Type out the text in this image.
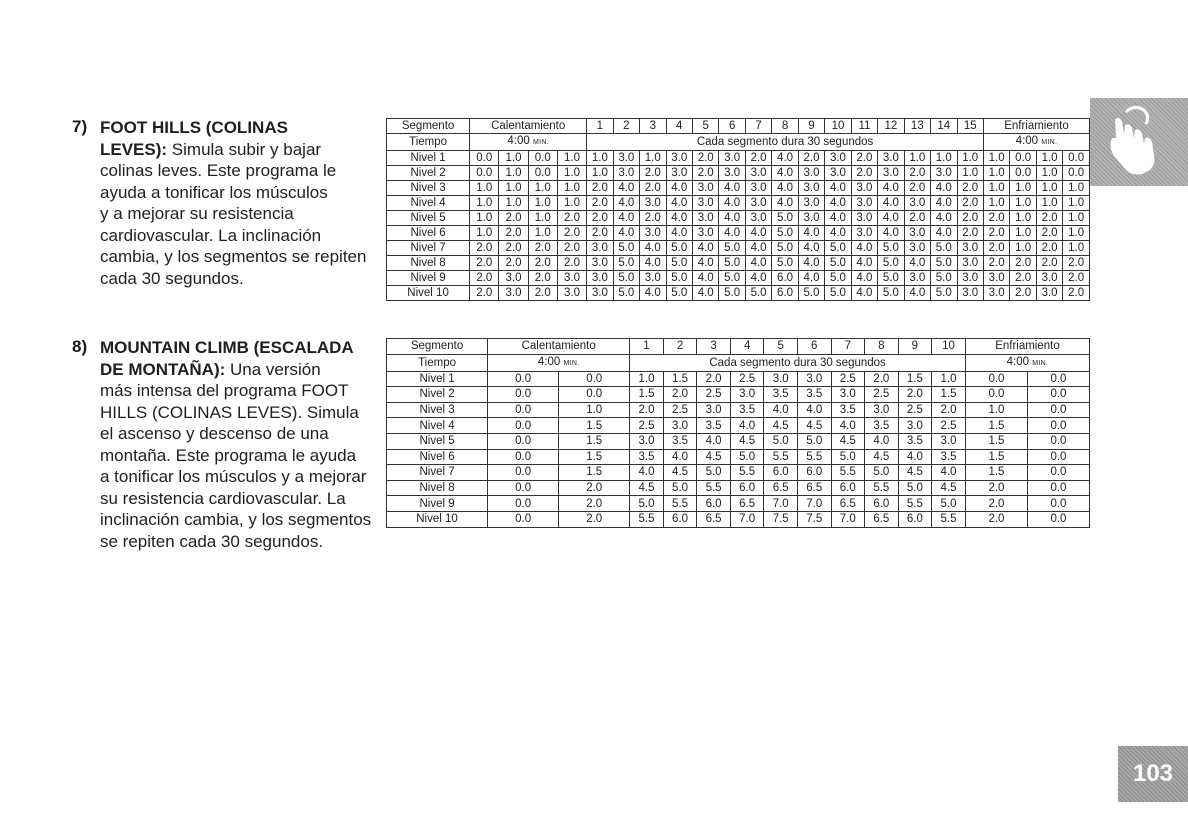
7) FOOT HILLS (COLINAS
LEVES): Simula subir y bajar
colinas leves. Este programa le
ayuda a tonificar los músculos
y a mejorar su resistencia
cardiovascular. La inclinación
cambia, y los segmentos se repiten
cada 30 segundos.
8) MOUNTAIN CLIMB (ESCALADA
DE MONTAÑA): Una versión
más intensa del programa FOOT
HILLS (COLINAS LEVES). Simula
el ascenso y descenso de una
montaña. Este programa le ayuda
a tonificar los músculos y a mejorar
su resistencia cardiovascular. La
inclinación cambia, y los segmentos
se repiten cada 30 segundos.
Segmento	Calentamiento				1	2	3	4	5	6	7	8	9	10	11	12	13	14	15	Enfriamiento			
Tiempo	4:00 MIN.				Cada segmento dura 30 segundos															4:00 MIN.			
Nivel 1	0.0	1.0	0.0	1.0	1.0	3.0	1.0	3.0	2.0	3.0	2.0	4.0	2.0	3.0	2.0	3.0	1.0	1.0	1.0	1.0	0.0	1.0	0.0
Nivel 2	0.0	1.0	0.0	1.0	1.0	3.0	2.0	3.0	2.0	3.0	3.0	4.0	3.0	3.0	2.0	3.0	2.0	3.0	1.0	1.0	0.0	1.0	0.0
Nivel 3	1.0	1.0	1.0	1.0	2.0	4.0	2.0	4.0	3.0	4.0	3.0	4.0	3.0	4.0	3.0	4.0	2.0	4.0	2.0	1.0	1.0	1.0	1.0
Nivel 4	1.0	1.0	1.0	1.0	2.0	4.0	3.0	4.0	3.0	4.0	3.0	4.0	3.0	4.0	3.0	4.0	3.0	4.0	2.0	1.0	1.0	1.0	1.0
Nivel 5	1.0	2.0	1.0	2.0	2.0	4.0	2.0	4.0	3.0	4.0	3.0	5.0	3.0	4.0	3.0	4.0	2.0	4.0	2.0	2.0	1.0	2.0	1.0
Nivel 6	1.0	2.0	1.0	2.0	2.0	4.0	3.0	4.0	3.0	4.0	4.0	5.0	4.0	4.0	3.0	4.0	3.0	4.0	2.0	2.0	1.0	2.0	1.0
Nivel 7	2.0	2.0	2.0	2.0	3.0	5.0	4.0	5.0	4.0	5.0	4.0	5.0	4.0	5.0	4.0	5.0	3.0	5.0	3.0	2.0	1.0	2.0	1.0
Nivel 8	2.0	2.0	2.0	2.0	3.0	5.0	4.0	5.0	4.0	5.0	4.0	5.0	4.0	5.0	4.0	5.0	4.0	5.0	3.0	2.0	2.0	2.0	2.0
Nivel 9	2.0	3.0	2.0	3.0	3.0	5.0	3.0	5.0	4.0	5.0	4.0	6.0	4.0	5.0	4.0	5.0	3.0	5.0	3.0	3.0	2.0	3.0	2.0
Nivel 10	2.0	3.0	2.0	3.0	3.0	5.0	4.0	5.0	4.0	5.0	5.0	6.0	5.0	5.0	4.0	5.0	4.0	5.0	3.0	3.0	2.0	3.0	2.0
Segmento	Calentamiento		1	2	3	4	5	6	7	8	9	10	Enfriamiento	
Tiempo	4:00 MIN.		Cada segmento dura 30 segundos										4:00 MIN.	
Nivel 1	0.0	0.0	1.0	1.5	2.0	2.5	3.0	3.0	2.5	2.0	1.5	1.0	0.0	0.0
Nivel 2	0.0	0.0	1.5	2.0	2.5	3.0	3.5	3.5	3.0	2.5	2.0	1.5	0.0	0.0
Nivel 3	0.0	1.0	2.0	2.5	3.0	3.5	4.0	4.0	3.5	3.0	2.5	2.0	1.0	0.0
Nivel 4	0.0	1.5	2.5	3.0	3.5	4.0	4.5	4.5	4.0	3.5	3.0	2.5	1.5	0.0
Nivel 5	0.0	1.5	3.0	3.5	4.0	4.5	5.0	5.0	4.5	4.0	3.5	3.0	1.5	0.0
Nivel 6	0.0	1.5	3.5	4.0	4.5	5.0	5.5	5.5	5.0	4.5	4.0	3.5	1.5	0.0
Nivel 7	0.0	1.5	4.0	4.5	5.0	5.5	6.0	6.0	5.5	5.0	4.5	4.0	1.5	0.0
Nivel 8	0.0	2.0	4.5	5.0	5.5	6.0	6.5	6.5	6.0	5.5	5.0	4.5	2.0	0.0
Nivel 9	0.0	2.0	5.0	5.5	6.0	6.5	7.0	7.0	6.5	6.0	5.5	5.0	2.0	0.0
Nivel 10	0.0	2.0	5.5	6.0	6.5	7.0	7.5	7.5	7.0	6.5	6.0	5.5	2.0	0.0
103
